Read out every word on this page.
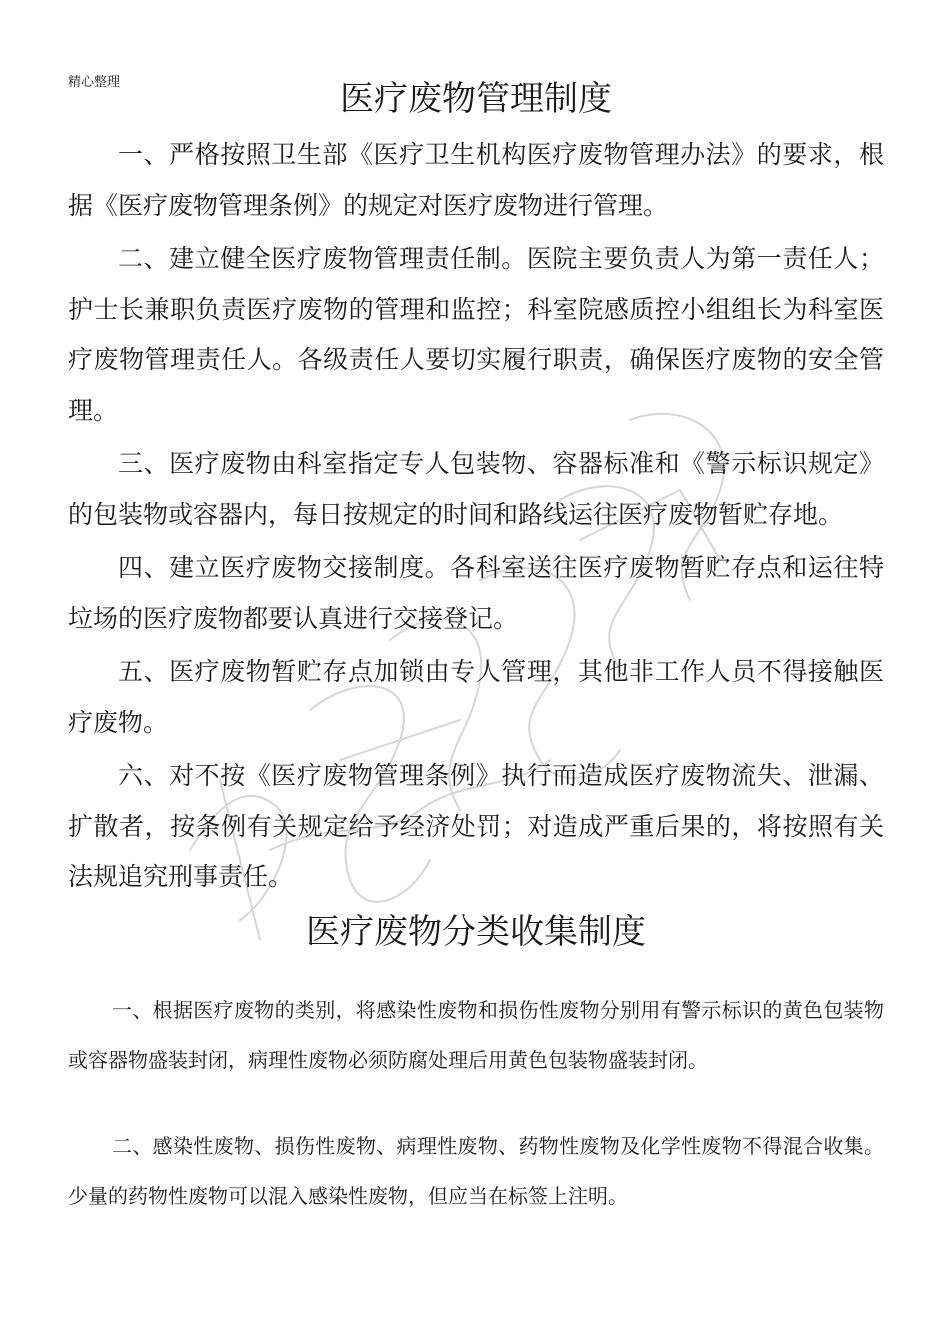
精心整理	医疗废物管理制度

一、严格按照卫生部《医疗卫生机构医疗废物管理办法》的要求，根据《医疗废物管理条例》的规定对医疗废物进行管理。

二、建立健全医疗废物管理责任制。医院主要负责人为第一责任人；护士长兼职负责医疗废物的管理和监控；科室院感质控小组组长为科室医疗废物管理责任人。各级责任人要切实履行职责，确保医疗废物的安全管理。

三、医疗废物由科室指定专人包装物、容器标准和《警示标识规定》的包装物或容器内，每日按规定的时间和路线运往医疗废物暂贮存地。

四、建立医疗废物交接制度。各科室送往医疗废物暂贮存点和运往特垃场的医疗废物都要认真进行交接登记。

五、医疗废物暂贮存点加锁由专人管理，其他非工作人员不得接触医疗废物。

六、对不按《医疗废物管理条例》执行而造成医疗废物流失、泄漏、扩散者，按条例有关规定给予经济处罚；对造成严重后果的，将按照有关法规追究刑事责任。

医疗废物分类收集制度

一、根据医疗废物的类别，将感染性废物和损伤性废物分别用有警示标识的黄色包装物或容器物盛装封闭，病理性废物必须防腐处理后用黄色包装物盛装封闭。

二、感染性废物、损伤性废物、病理性废物、药物性废物及化学性废物不得混合收集。少量的药物性废物可以混入感染性废物，但应当在标签上注明。
